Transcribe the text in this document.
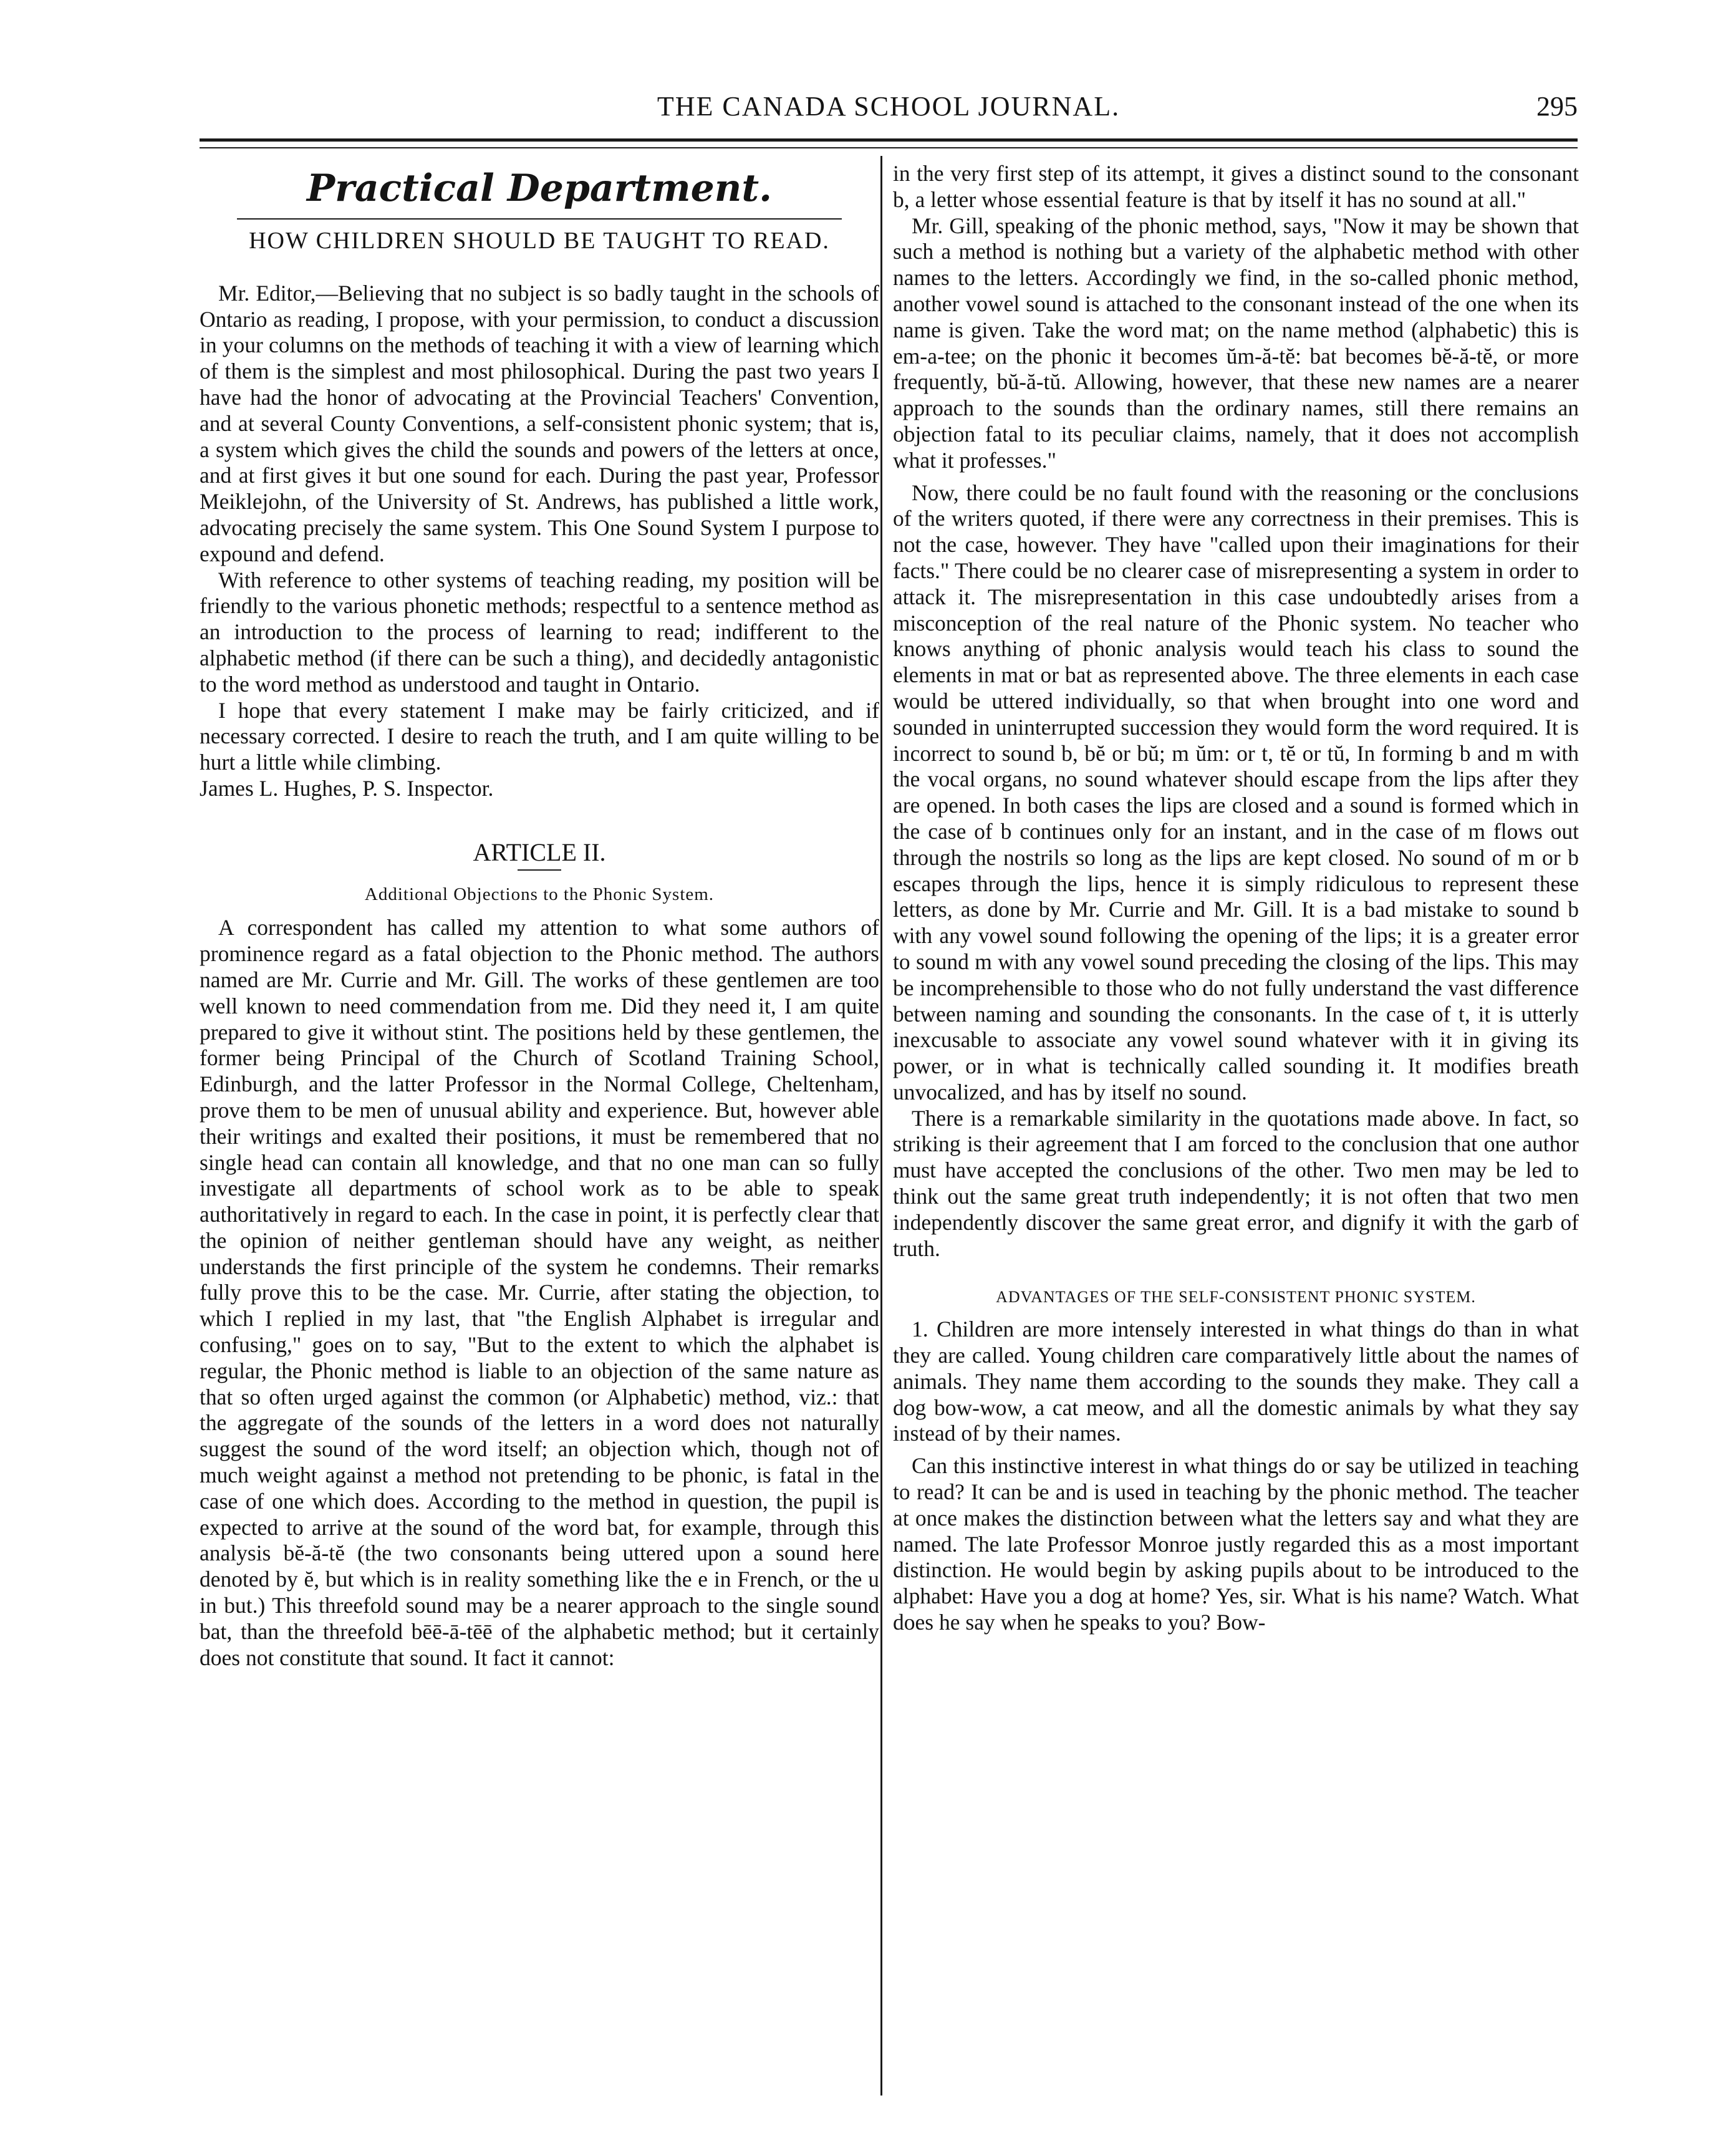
THE CANADA SCHOOL JOURNAL.	295
Practical Department.
HOW CHILDREN SHOULD BE TAUGHT TO READ.

Mr. Editor,—Believing that no subject is so badly taught in the schools of Ontario as reading, I propose, with your permission, to conduct a discussion in your columns on the methods of teaching it with a view of learning which of them is the simplest and most philosophical. During the past two years I have had the honor of advocating at the Provincial Teachers' Convention, and at several County Conventions, a self-consistent phonic system; that is, a system which gives the child the sounds and powers of the letters at once, and at first gives it but one sound for each. During the past year, Professor Meiklejohn, of the University of St. Andrews, has published a little work, advocating precisely the same system. This One Sound System I purpose to expound and defend.

With reference to other systems of teaching reading, my position will be friendly to the various phonetic methods; respectful to a sentence method as an introduction to the process of learning to read; indifferent to the alphabetic method (if there can be such a thing), and decidedly antagonistic to the word method as understood and taught in Ontario.

I hope that every statement I make may be fairly criticized, and if necessary corrected. I desire to reach the truth, and I am quite willing to be hurt a little while climbing.

James L. Hughes, P. S. Inspector.

ARTICLE II.
Additional Objections to the Phonic System.

A correspondent has called my attention to what some authors of prominence regard as a fatal objection to the Phonic method. The authors named are Mr. Currie and Mr. Gill. The works of these gentlemen are too well known to need commendation from me. Did they need it, I am quite prepared to give it without stint. The positions held by these gentlemen, the former being Principal of the Church of Scotland Training School, Edinburgh, and the latter Professor in the Normal College, Cheltenham, prove them to be men of unusual ability and experience. But, however able their writings and exalted their positions, it must be remembered that no single head can contain all knowledge, and that no one man can so fully investigate all departments of school work as to be able to speak authoritatively in regard to each. In the case in point, it is perfectly clear that the opinion of neither gentleman should have any weight, as neither understands the first principle of the system he condemns. Their remarks fully prove this to be the case. Mr. Currie, after stating the objection, to which I replied in my last, that "the English Alphabet is irregular and confusing," goes on to say, "But to the extent to which the alphabet is regular, the Phonic method is liable to an objection of the same nature as that so often urged against the common (or Alphabetic) method, viz.: that the aggregate of the sounds of the letters in a word does not naturally suggest the sound of the word itself; an objection which, though not of much weight against a method not pretending to be phonic, is fatal in the case of one which does. According to the method in question, the pupil is expected to arrive at the sound of the word bat, for example, through this analysis bĕ-ă-tĕ (the two consonants being uttered upon a sound here denoted by ĕ, but which is in reality something like the e in French, or the u in but.) This threefold sound may be a nearer approach to the single sound bat, than the threefold bēē-ā-tēē of the alphabetic method; but it certainly does not constitute that sound. It fact it cannot:

in the very first step of its attempt, it gives a distinct sound to the consonant b, a letter whose essential feature is that by itself it has no sound at all."

Mr. Gill, speaking of the phonic method, says, "Now it may be shown that such a method is nothing but a variety of the alphabetic method with other names to the letters. Accordingly we find, in the so-called phonic method, another vowel sound is attached to the consonant instead of the one when its name is given. Take the word mat; on the name method (alphabetic) this is em-a-tee; on the phonic it becomes ŭm-ă-tĕ: bat becomes bĕ-ă-tĕ, or more frequently, bŭ-ă-tŭ. Allowing, however, that these new names are a nearer approach to the sounds than the ordinary names, still there remains an objection fatal to its peculiar claims, namely, that it does not accomplish what it professes."

Now, there could be no fault found with the reasoning or the conclusions of the writers quoted, if there were any correctness in their premises. This is not the case, however. They have "called upon their imaginations for their facts." There could be no clearer case of misrepresenting a system in order to attack it. The misrepresentation in this case undoubtedly arises from a misconception of the real nature of the Phonic system. No teacher who knows anything of phonic analysis would teach his class to sound the elements in mat or bat as represented above. The three elements in each case would be uttered individually, so that when brought into one word and sounded in uninterrupted succession they would form the word required. It is incorrect to sound b, bĕ or bŭ; m ŭm: or t, tĕ or tŭ, In forming b and m with the vocal organs, no sound whatever should escape from the lips after they are opened. In both cases the lips are closed and a sound is formed which in the case of b continues only for an instant, and in the case of m flows out through the nostrils so long as the lips are kept closed. No sound of m or b escapes through the lips, hence it is simply ridiculous to represent these letters, as done by Mr. Currie and Mr. Gill. It is a bad mistake to sound b with any vowel sound following the opening of the lips; it is a greater error to sound m with any vowel sound preceding the closing of the lips. This may be incomprehensible to those who do not fully understand the vast difference between naming and sounding the consonants. In the case of t, it is utterly inexcusable to associate any vowel sound whatever with it in giving its power, or in what is technically called sounding it. It modifies breath unvocalized, and has by itself no sound.

There is a remarkable similarity in the quotations made above. In fact, so striking is their agreement that I am forced to the conclusion that one author must have accepted the conclusions of the other. Two men may be led to think out the same great truth independently; it is not often that two men independently discover the same great error, and dignify it with the garb of truth.

ADVANTAGES OF THE SELF-CONSISTENT PHONIC SYSTEM.

1. Children are more intensely interested in what things do than in what they are called. Young children care comparatively little about the names of animals. They name them according to the sounds they make. They call a dog bow-wow, a cat meow, and all the domestic animals by what they say instead of by their names.

Can this instinctive interest in what things do or say be utilized in teaching to read? It can be and is used in teaching by the phonic method. The teacher at once makes the distinction between what the letters say and what they are named. The late Professor Monroe justly regarded this as a most important distinction. He would begin by asking pupils about to be introduced to the alphabet: Have you a dog at home? Yes, sir. What is his name? Watch. What does he say when he speaks to you? Bow-
